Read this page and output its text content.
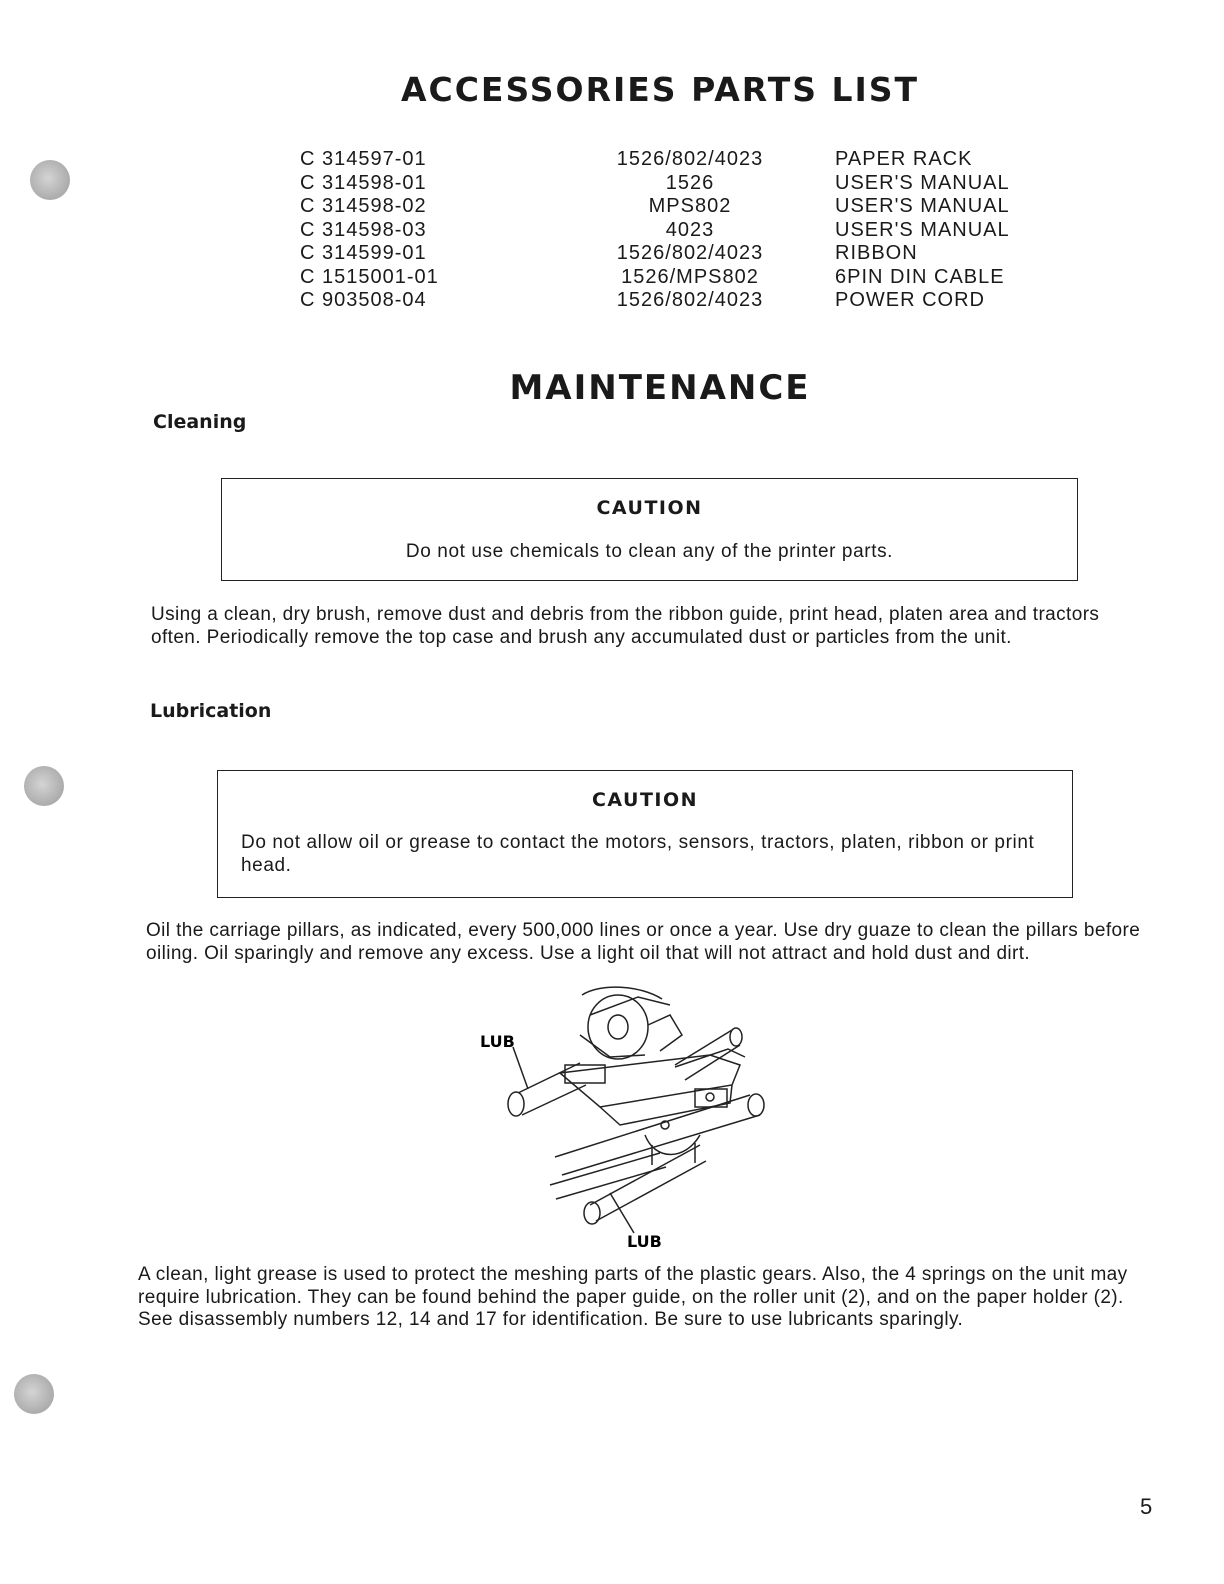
ACCESSORIES PARTS LIST
C 314597-01	1526/802/4023	PAPER RACK
C 314598-01	1526	USER'S MANUAL
C 314598-02	MPS802	USER'S MANUAL
C 314598-03	4023	USER'S MANUAL
C 314599-01	1526/802/4023	RIBBON
C 1515001-01	1526/MPS802	6PIN DIN CABLE
C 903508-04	1526/802/4023	POWER CORD
MAINTENANCE
Cleaning
CAUTION
Do not use chemicals to clean any of the printer parts.

Using a clean, dry brush, remove dust and debris from the ribbon guide, print head, platen area and tractors often. Periodically remove the top case and brush any accumulated dust or particles from the unit.

Lubrication
CAUTION
Do not allow oil or grease to contact the motors, sensors, tractors, platen, ribbon or print head.

Oil the carriage pillars, as indicated, every 500,000 lines or once a year. Use dry guaze to clean the pillars before oiling. Oil sparingly and remove any excess. Use a light oil that will not attract and hold dust and dirt.

LUB
LUB

A clean, light grease is used to protect the meshing parts of the plastic gears. Also, the 4 springs on the unit may require lubrication. They can be found behind the paper guide, on the roller unit (2), and on the paper holder (2). See disassembly numbers 12, 14 and 17 for identification. Be sure to use lubricants sparingly.

5
